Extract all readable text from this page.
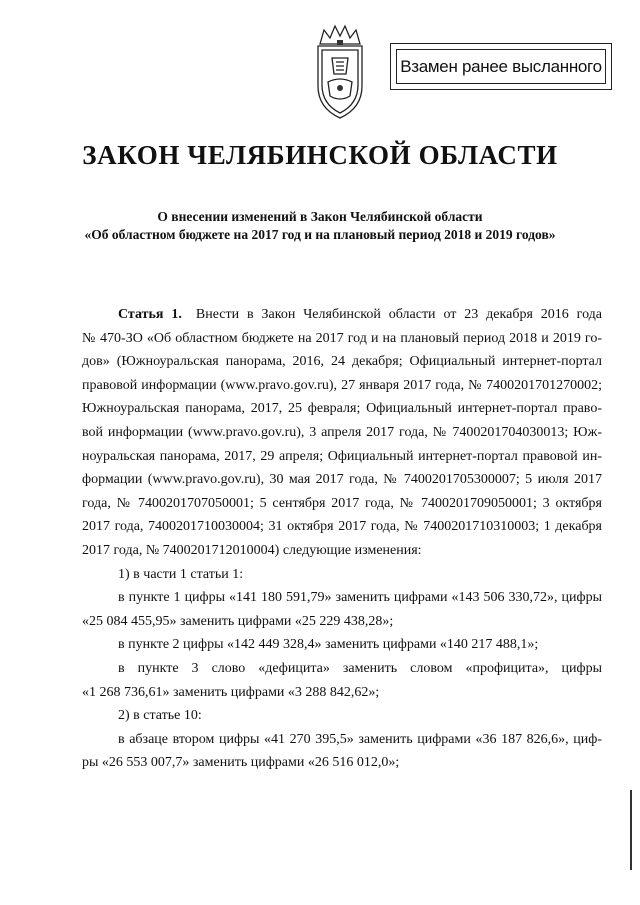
Взамен ранее высланного
ЗАКОН ЧЕЛЯБИНСКОЙ ОБЛАСТИ
О внесении изменений в Закон Челябинской области
«Об областном бюджете на 2017 год и на плановый период 2018 и 2019 годов»
Статья 1. Внести в Закон Челябинской области от 23 декабря 2016 года
№ 470-ЗО «Об областном бюджете на 2017 год и на плановый период 2018 и 2019 го-
дов» (Южноуральская панорама, 2016, 24 декабря; Официальный интернет-портал
правовой информации (www.pravo.gov.ru), 27 января 2017 года, № 7400201701270002;
Южноуральская панорама, 2017, 25 февраля; Официальный интернет-портал право-
вой информации (www.pravo.gov.ru), 3 апреля 2017 года, № 7400201704030013; Юж-
ноуральская панорама, 2017, 29 апреля; Официальный интернет-портал правовой ин-
формации (www.pravo.gov.ru), 30 мая 2017 года, № 7400201705300007; 5 июля 2017
года, № 7400201707050001; 5 сентября 2017 года, № 7400201709050001; 3 октября
2017 года, 7400201710030004; 31 октября 2017 года, № 7400201710310003; 1 декабря
2017 года, № 7400201712010004) следующие изменения:
1) в части 1 статьи 1:
в пункте 1 цифры «141 180 591,79» заменить цифрами «143 506 330,72», цифры
«25 084 455,95» заменить цифрами «25 229 438,28»;
в пункте 2 цифры «142 449 328,4» заменить цифрами «140 217 488,1»;
в пункте 3 слово «дефицита» заменить словом «профицита», цифры
«1 268 736,61» заменить цифрами «3 288 842,62»;
2) в статье 10:
в абзаце втором цифры «41 270 395,5» заменить цифрами «36 187 826,6», циф-
ры «26 553 007,7» заменить цифрами «26 516 012,0»;
